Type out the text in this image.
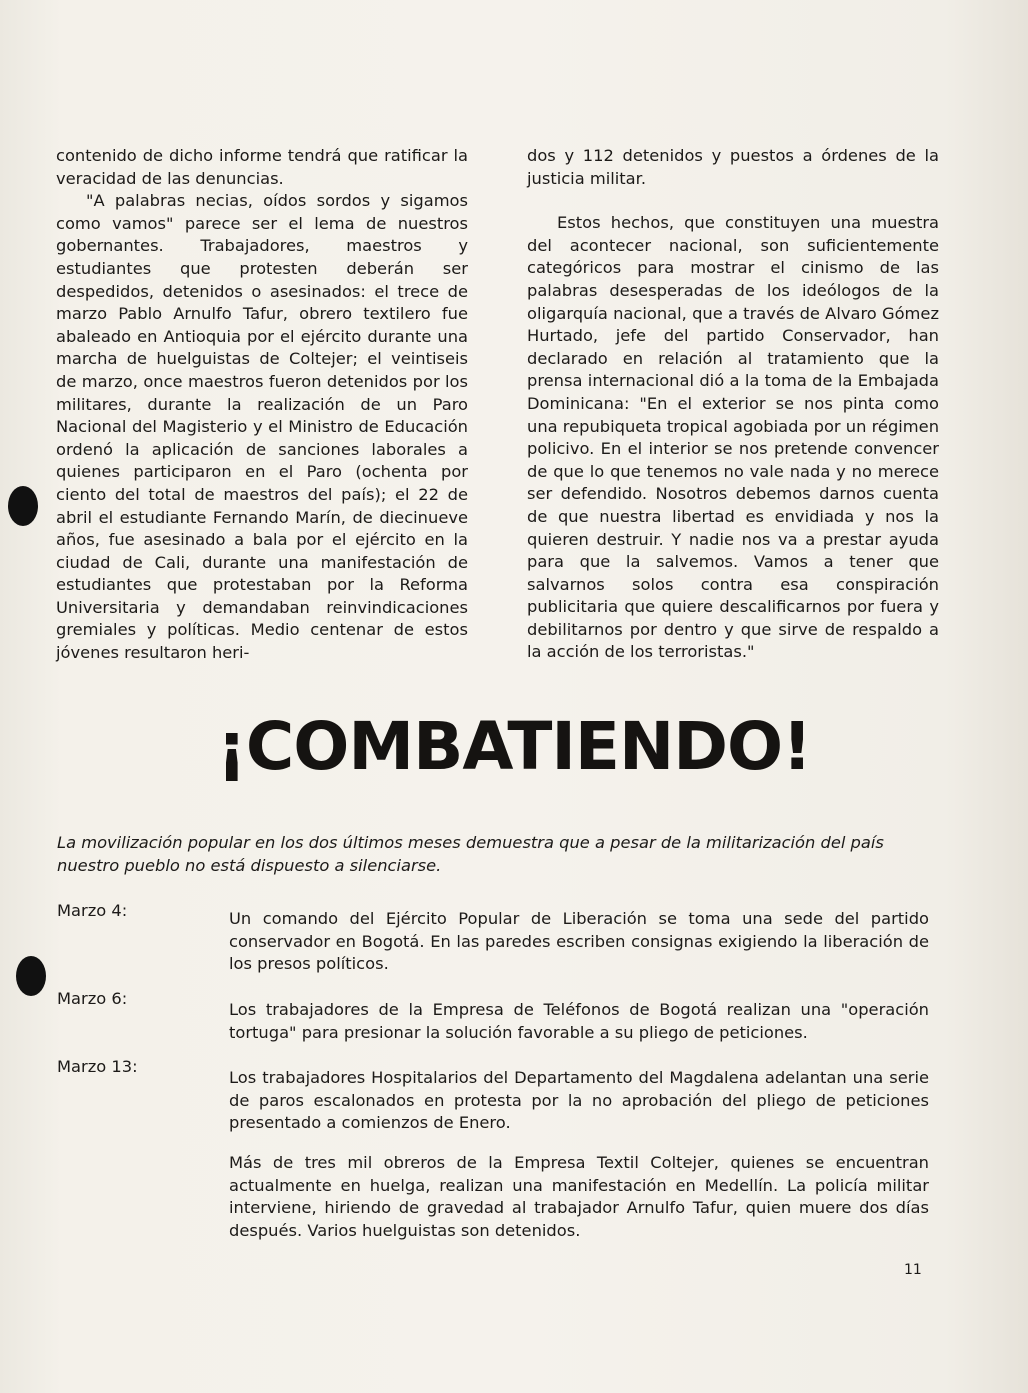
contenido de dicho informe tendrá que ratificar la veracidad de las denuncias.

"A palabras necias, oídos sordos y sigamos como vamos" parece ser el lema de nuestros gobernantes. Trabajadores, maestros y estudiantes que protesten deberán ser despedidos, detenidos o asesinados: el trece de marzo Pablo Arnulfo Tafur, obrero textilero fue abaleado en Antioquia por el ejército durante una marcha de huelguistas de Coltejer; el veintiseis de marzo, once maestros fueron detenidos por los militares, durante la realización de un Paro Nacional del Magisterio y el Ministro de Educación ordenó la aplicación de sanciones laborales a quienes participaron en el Paro (ochenta por ciento del total de maestros del país); el 22 de abril el estudiante Fernando Marín, de diecinueve años, fue asesinado a bala por el ejército en la ciudad de Cali, durante una manifestación de estudiantes que protestaban por la Reforma Universitaria y demandaban reinvindicaciones gremiales y políticas. Medio centenar de estos jóvenes resultaron heri-

dos y 112 detenidos y puestos a órdenes de la justicia militar.

Estos hechos, que constituyen una muestra del acontecer nacional, son suficientemente categóricos para mostrar el cinismo de las palabras desesperadas de los ideólogos de la oligarquía nacional, que a través de Alvaro Gómez Hurtado, jefe del partido Conservador, han declarado en relación al tratamiento que la prensa internacional dió a la toma de la Embajada Dominicana: "En el exterior se nos pinta como una repubiqueta tropical agobiada por un régimen policivo. En el interior se nos pretende convencer de que lo que tenemos no vale nada y no merece ser defendido. Nosotros debemos darnos cuenta de que nuestra libertad es envidiada y nos la quieren destruir. Y nadie nos va a prestar ayuda para que la salvemos. Vamos a tener que salvarnos solos contra esa conspiración publicitaria que quiere descalificarnos por fuera y debilitarnos por dentro y que sirve de respaldo a la acción de los terroristas."

¡COMBATIENDO!
La movilización popular en los dos últimos meses demuestra que a pesar de la militarización del país nuestro pueblo no está dispuesto a silenciarse.
Marzo 4:	Un comando del Ejército Popular de Liberación se toma una sede del partido conservador en Bogotá. En las paredes escriben consignas exigiendo la liberación de los presos políticos.
Marzo 6:
Los trabajadores de la Empresa de Teléfonos de Bogotá realizan una "operación tortuga" para presionar la solución favorable a su pliego de peticiones.
Marzo 13:
Los trabajadores Hospitalarios del Departamento del Magdalena adelantan una serie de paros escalonados en protesta por la no aprobación del pliego de peticiones presentado a comienzos de Enero.
Más de tres mil obreros de la Empresa Textil Coltejer, quienes se encuentran actualmente en huelga, realizan una manifestación en Medellín. La policía militar interviene, hiriendo de gravedad al trabajador Arnulfo Tafur, quien muere dos días después. Varios huelguistas son detenidos.
11
